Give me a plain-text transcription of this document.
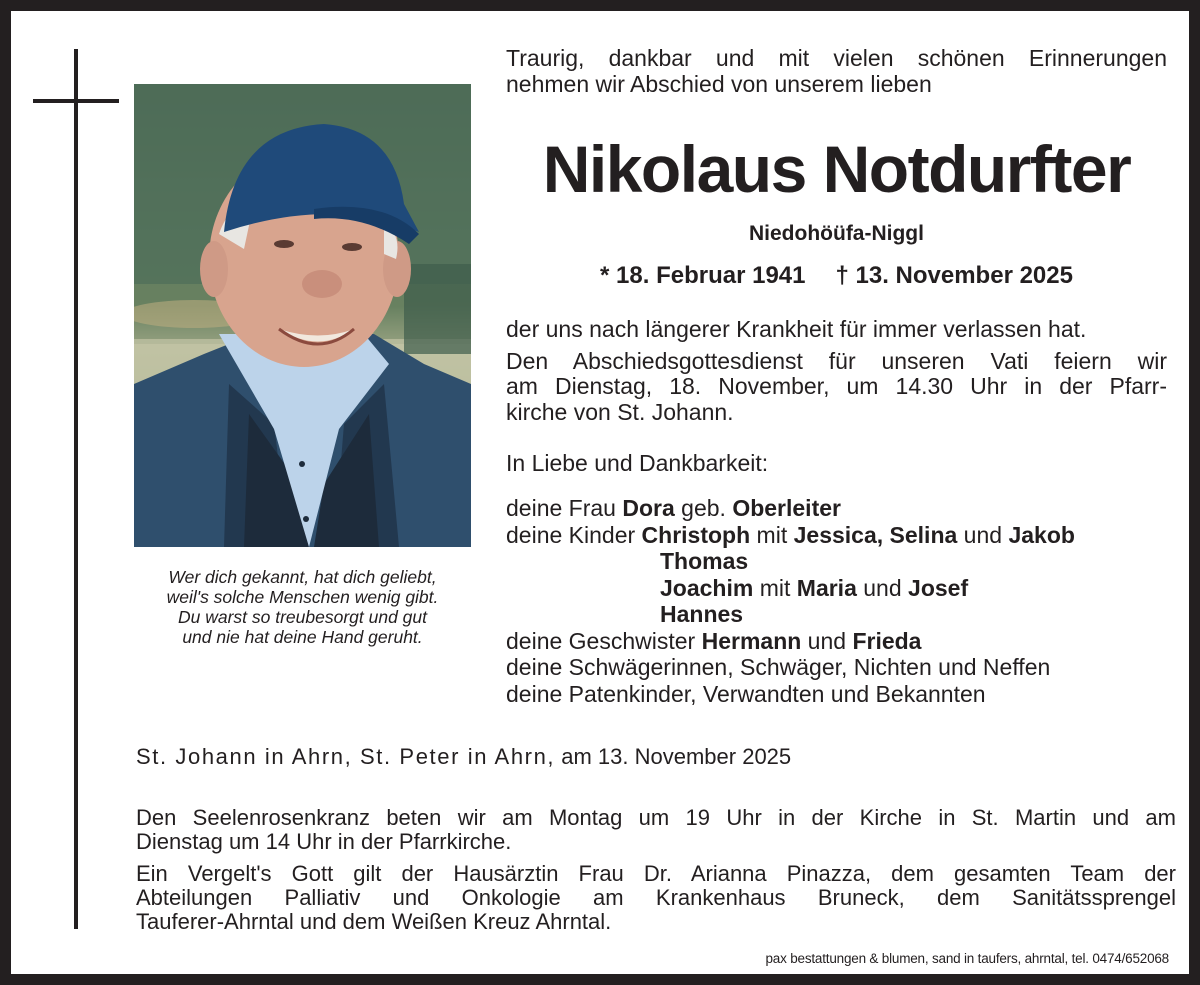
Wer dich gekannt, hat dich geliebt,
weil's solche Menschen wenig gibt.
Du warst so treubesorgt und gut
und nie hat deine Hand geruht.
Traurig, dankbar und mit vielen schönen Erinnerungen
nehmen wir Abschied von unserem lieben
Nikolaus Notdurfter
Niedohöüfa-Niggl
* 18. Februar 1941 † 13. November 2025
der uns nach längerer Krankheit für immer verlassen hat.
Den Abschiedsgottesdienst für unseren Vati feiern wir
am Dienstag, 18. November, um 14.30 Uhr in der Pfarr-
kirche von St. Johann.
In Liebe und Dankbarkeit:
deine Frau Dora geb. Oberleiter
deine Kinder Christoph mit Jessica, Selina und Jakob
Thomas
Joachim mit Maria und Josef
Hannes
deine Geschwister Hermann und Frieda
deine Schwägerinnen, Schwäger, Nichten und Neffen
deine Patenkinder, Verwandten und Bekannten
St. Johann in Ahrn, St. Peter in Ahrn, am 13. November 2025

Den Seelenrosenkranz beten wir am Montag um 19 Uhr in der Kirche in St. Martin und am
Dienstag um 14 Uhr in der Pfarrkirche.

Ein Vergelt's Gott gilt der Hausärztin Frau Dr. Arianna Pinazza, dem gesamten Team der
Abteilungen Palliativ und Onkologie am Krankenhaus Bruneck, dem Sanitätssprengel
Tauferer-Ahrntal und dem Weißen Kreuz Ahrntal.

pax bestattungen & blumen, sand in taufers, ahrntal, tel. 0474/652068
